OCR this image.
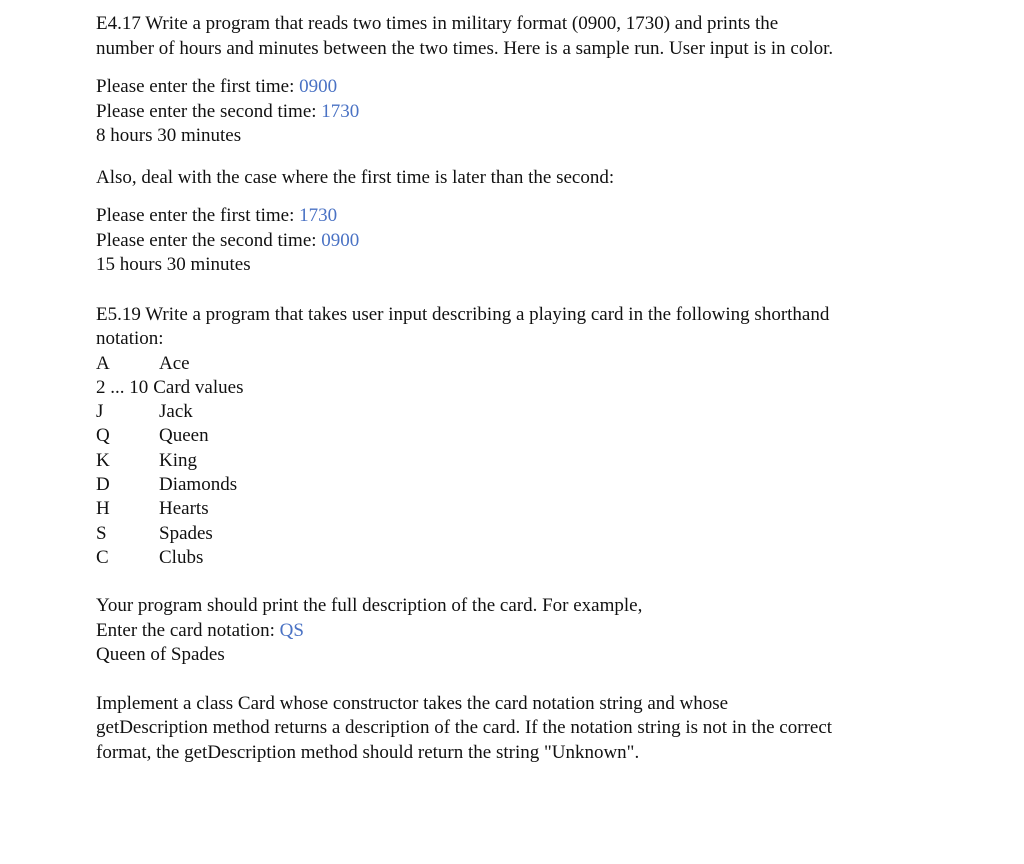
E4.17 Write a program that reads two times in military format (0900, 1730) and prints the
number of hours and minutes between the two times. Here is a sample run. User input is in color.
Please enter the first time: 0900
Please enter the second time: 1730
8 hours 30 minutes
Also, deal with the case where the first time is later than the second:
Please enter the first time: 1730
Please enter the second time: 0900
15 hours 30 minutes
E5.19 Write a program that takes user input describing a playing card in the following shorthand
notation:
A	Ace
2 ... 10 Card values
J	Jack
Q	Queen
K	King
D	Diamonds
H	Hearts
S	Spades
C	Clubs
Your program should print the full description of the card. For example,
Enter the card notation: QS
Queen of Spades
Implement a class Card whose constructor takes the card notation string and whose
getDescription method returns a description of the card. If the notation string is not in the correct
format, the getDescription method should return the string "Unknown".
